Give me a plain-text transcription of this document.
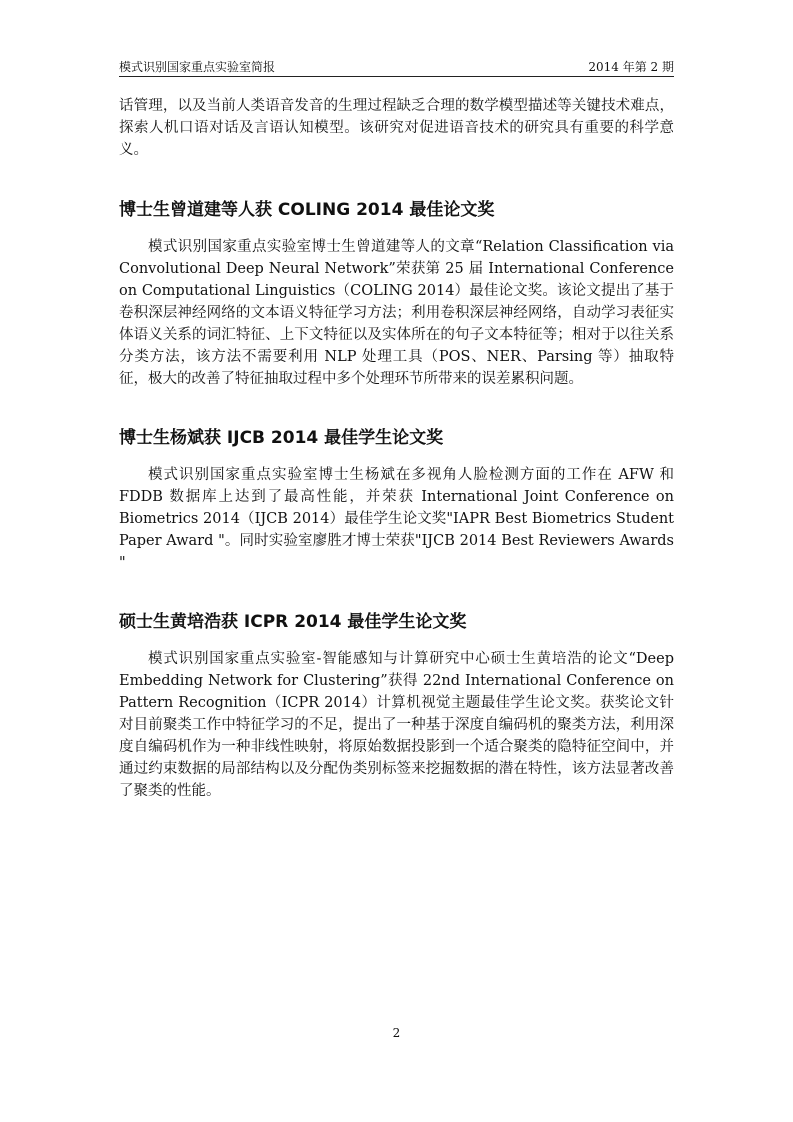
模式识别国家重点实验室简报	2014 年第 2 期

话管理，以及当前人类语音发音的生理过程缺乏合理的数学模型描述等关键技术难点，探索人机口语对话及言语认知模型。该研究对促进语音技术的研究具有重要的科学意义。

博士生曾道建等人获 COLING 2014 最佳论文奖

模式识别国家重点实验室博士生曾道建等人的文章“Relation Classification via Convolutional Deep Neural Network”荣获第 25 届 International Conference on Computational Linguistics（COLING 2014）最佳论文奖。该论文提出了基于卷积深层神经网络的文本语义特征学习方法；利用卷积深层神经网络，自动学习表征实体语义关系的词汇特征、上下文特征以及实体所在的句子文本特征等；相对于以往关系分类方法，该方法不需要利用 NLP 处理工具（POS、NER、Parsing 等）抽取特征，极大的改善了特征抽取过程中多个处理环节所带来的误差累积问题。

博士生杨斌获 IJCB 2014 最佳学生论文奖

模式识别国家重点实验室博士生杨斌在多视角人脸检测方面的工作在 AFW 和 FDDB 数据库上达到了最高性能，并荣获 International Joint Conference on Biometrics 2014（IJCB 2014）最佳学生论文奖"IAPR Best Biometrics Student Paper Award "。同时实验室廖胜才博士荣获"IJCB 2014 Best Reviewers Awards "

硕士生黄培浩获 ICPR 2014 最佳学生论文奖

模式识别国家重点实验室-智能感知与计算研究中心硕士生黄培浩的论文“Deep Embedding Network for Clustering”获得 22nd International Conference on Pattern Recognition（ICPR 2014）计算机视觉主题最佳学生论文奖。获奖论文针对目前聚类工作中特征学习的不足，提出了一种基于深度自编码机的聚类方法，利用深度自编码机作为一种非线性映射，将原始数据投影到一个适合聚类的隐特征空间中，并通过约束数据的局部结构以及分配伪类别标签来挖掘数据的潜在特性，该方法显著改善了聚类的性能。

2
